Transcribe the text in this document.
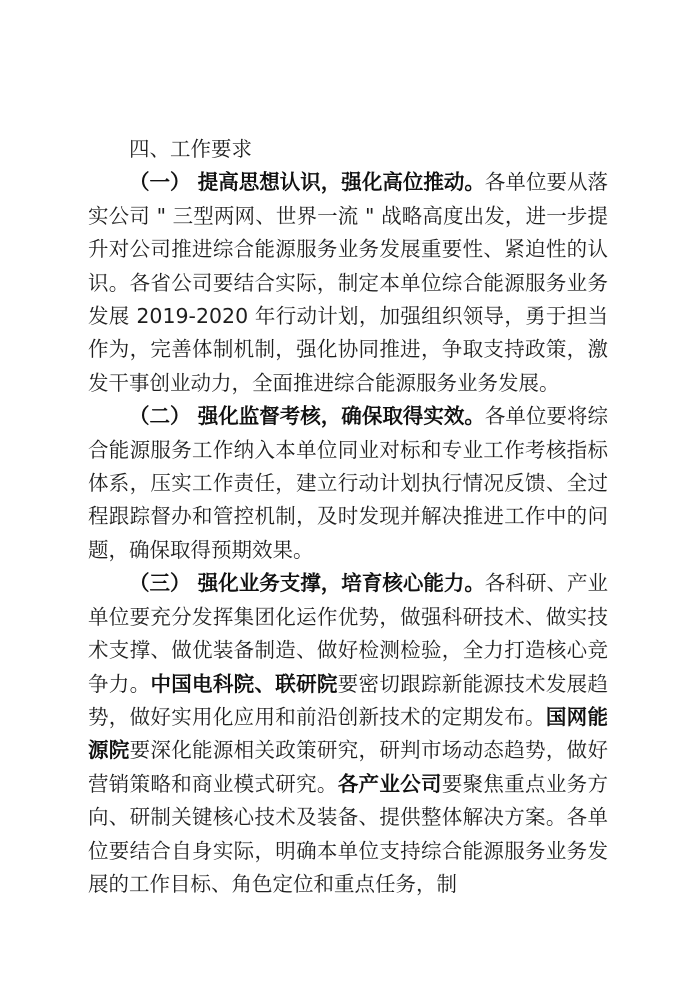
四、工作要求

（一） 提高思想认识，强化高位推动。各单位要从落实公司 " 三型两网、世界一流 " 战略高度出发，进一步提升对公司推进综合能源服务业务发展重要性、紧迫性的认识。各省公司要结合实际，制定本单位综合能源服务业务发展 2019-2020 年行动计划，加强组织领导，勇于担当作为，完善体制机制，强化协同推进，争取支持政策，激发干事创业动力，全面推进综合能源服务业务发展。

（二） 强化监督考核，确保取得实效。各单位要将综合能源服务工作纳入本单位同业对标和专业工作考核指标体系，压实工作责任，建立行动计划执行情况反馈、全过程跟踪督办和管控机制，及时发现并解决推进工作中的问题，确保取得预期效果。

（三） 强化业务支撑，培育核心能力。各科研、产业单位要充分发挥集团化运作优势，做强科研技术、做实技术支撑、做优装备制造、做好检测检验，全力打造核心竞争力。中国电科院、联研院要密切跟踪新能源技术发展趋势，做好实用化应用和前沿创新技术的定期发布。国网能源院要深化能源相关政策研究，研判市场动态趋势，做好营销策略和商业模式研究。各产业公司要聚焦重点业务方向、研制关键核心技术及装备、提供整体解决方案。各单位要结合自身实际，明确本单位支持综合能源服务业务发展的工作目标、角色定位和重点任务，制
